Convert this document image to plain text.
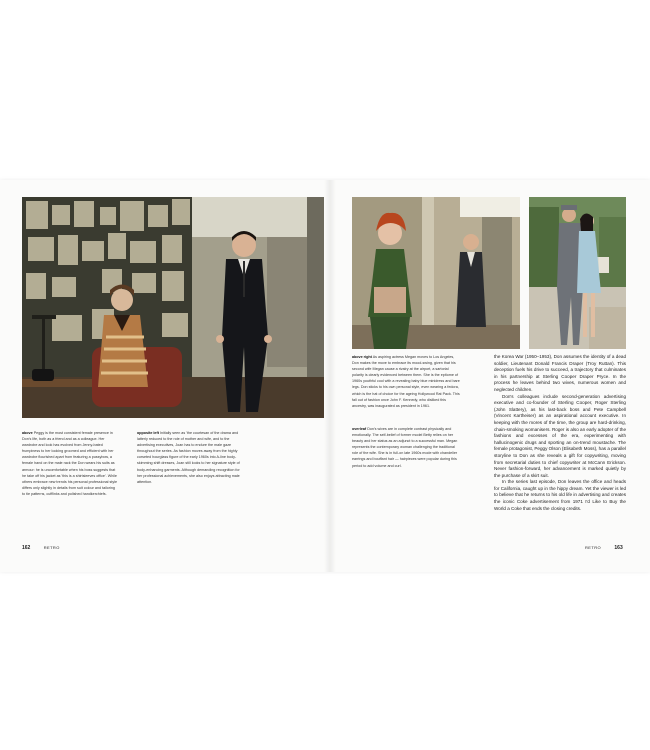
above Peggy is the most consistent female presence in Don's life, both as a friend and as a colleague. Her wardrobe and look has evolved from Jenny-bated frumpiness to her looking groomed and efficient with her wardrobe flourished apart from featuring a pussybow, a female hand on the male rack the Don wears his suits as armour: he is uncomfortable when his boss suggests that he take off his jacket as 'this is a shirtsleeves office'. While others embrace new trends his personal professional style differs only slightly in details from suit colour and tailoring to tie patterns, cufflinks and polished handkerchiefs.
opposite left Initially seen as 'the courtesan of the drama and latterly reduced to the role of mother and wife, and to the advertising executives, Joan has to endure the male gaze throughout the series. As fashion moves away from the highly corseted hourglass figure of the early 1960s into A-line body-skimming shift dresses, Joan still looks to her signature style of body-enhancing garments. Although demanding recognition for her professional achievements, she also enjoys attracting male attention.
above right As aspiring actress Megan moves to Los Angeles, Don makes the move to embrace its mood-swing, given that his second wife Megan cause a rivalry at the airport, a sartorial polarity is clearly evidenced between them. She is the epitome of 1960s youthful cool with a revealing baby blue minidress and bare legs. Don sticks to his own personal style, even wearing a fedora, which is the hat of choice for the ageing Hollywood Rat Pack. This fall out of fashion once John F. Kennedy, who disliked this ancestry, was inaugurated as president in 1961.
overleaf Don's wives are in complete contrast physically and emotionally. The self-belief of former model Betty relies on her beauty and her status as an adjunct to a successful man. Megan represents the contemporary woman challenging the traditional role of the wife. She is in full-on late 1960s mode with chandelier earrings and bouffant hair — hairpieces were popular during this period to add volume and curl.

the Korea War (1950–1953), Don assumes the identity of a dead soldier, Lieutenant Donald Francis Draper (Troy Ruttan). This deception fuels his drive to succeed, a trajectory that culminates in his partnership at Sterling Cooper Draper Pryce. In the process he leaves behind two wives, numerous women and neglected children.

Don's colleagues include second-generation advertising executive and co-founder of Sterling Cooper, Roger Sterling (John Slattery), as his last-back boss and Pete Campbell (Vincent Kartheiser) as an aspirational account executive. In keeping with the mores of the time, the group are hard-drinking, chain-smoking womanisers. Roger is also an early adopter of the fashions and excesses of the era, experimenting with hallucinogenic drugs and sporting an on-trend moustache. The female protagonist, Peggy Olson (Elisabeth Moss), has a parallel storyline to Don as she reveals a gift for copywriting, moving from secretarial duties to chief copywriter at McCann Erickson. Never fashion-forward, her advancement is marked quietly by the purchase of a skirt suit.

In the series last episode, Don leaves the office and heads for California, caught up in the hippy dream. Yet the viewer is led to believe that he returns to his old life in advertising and creates the iconic Coke advertisement from 1971 I'd Like to Buy the World a Coke that ends the closing credits.

162	RETRO	RETRO	163
